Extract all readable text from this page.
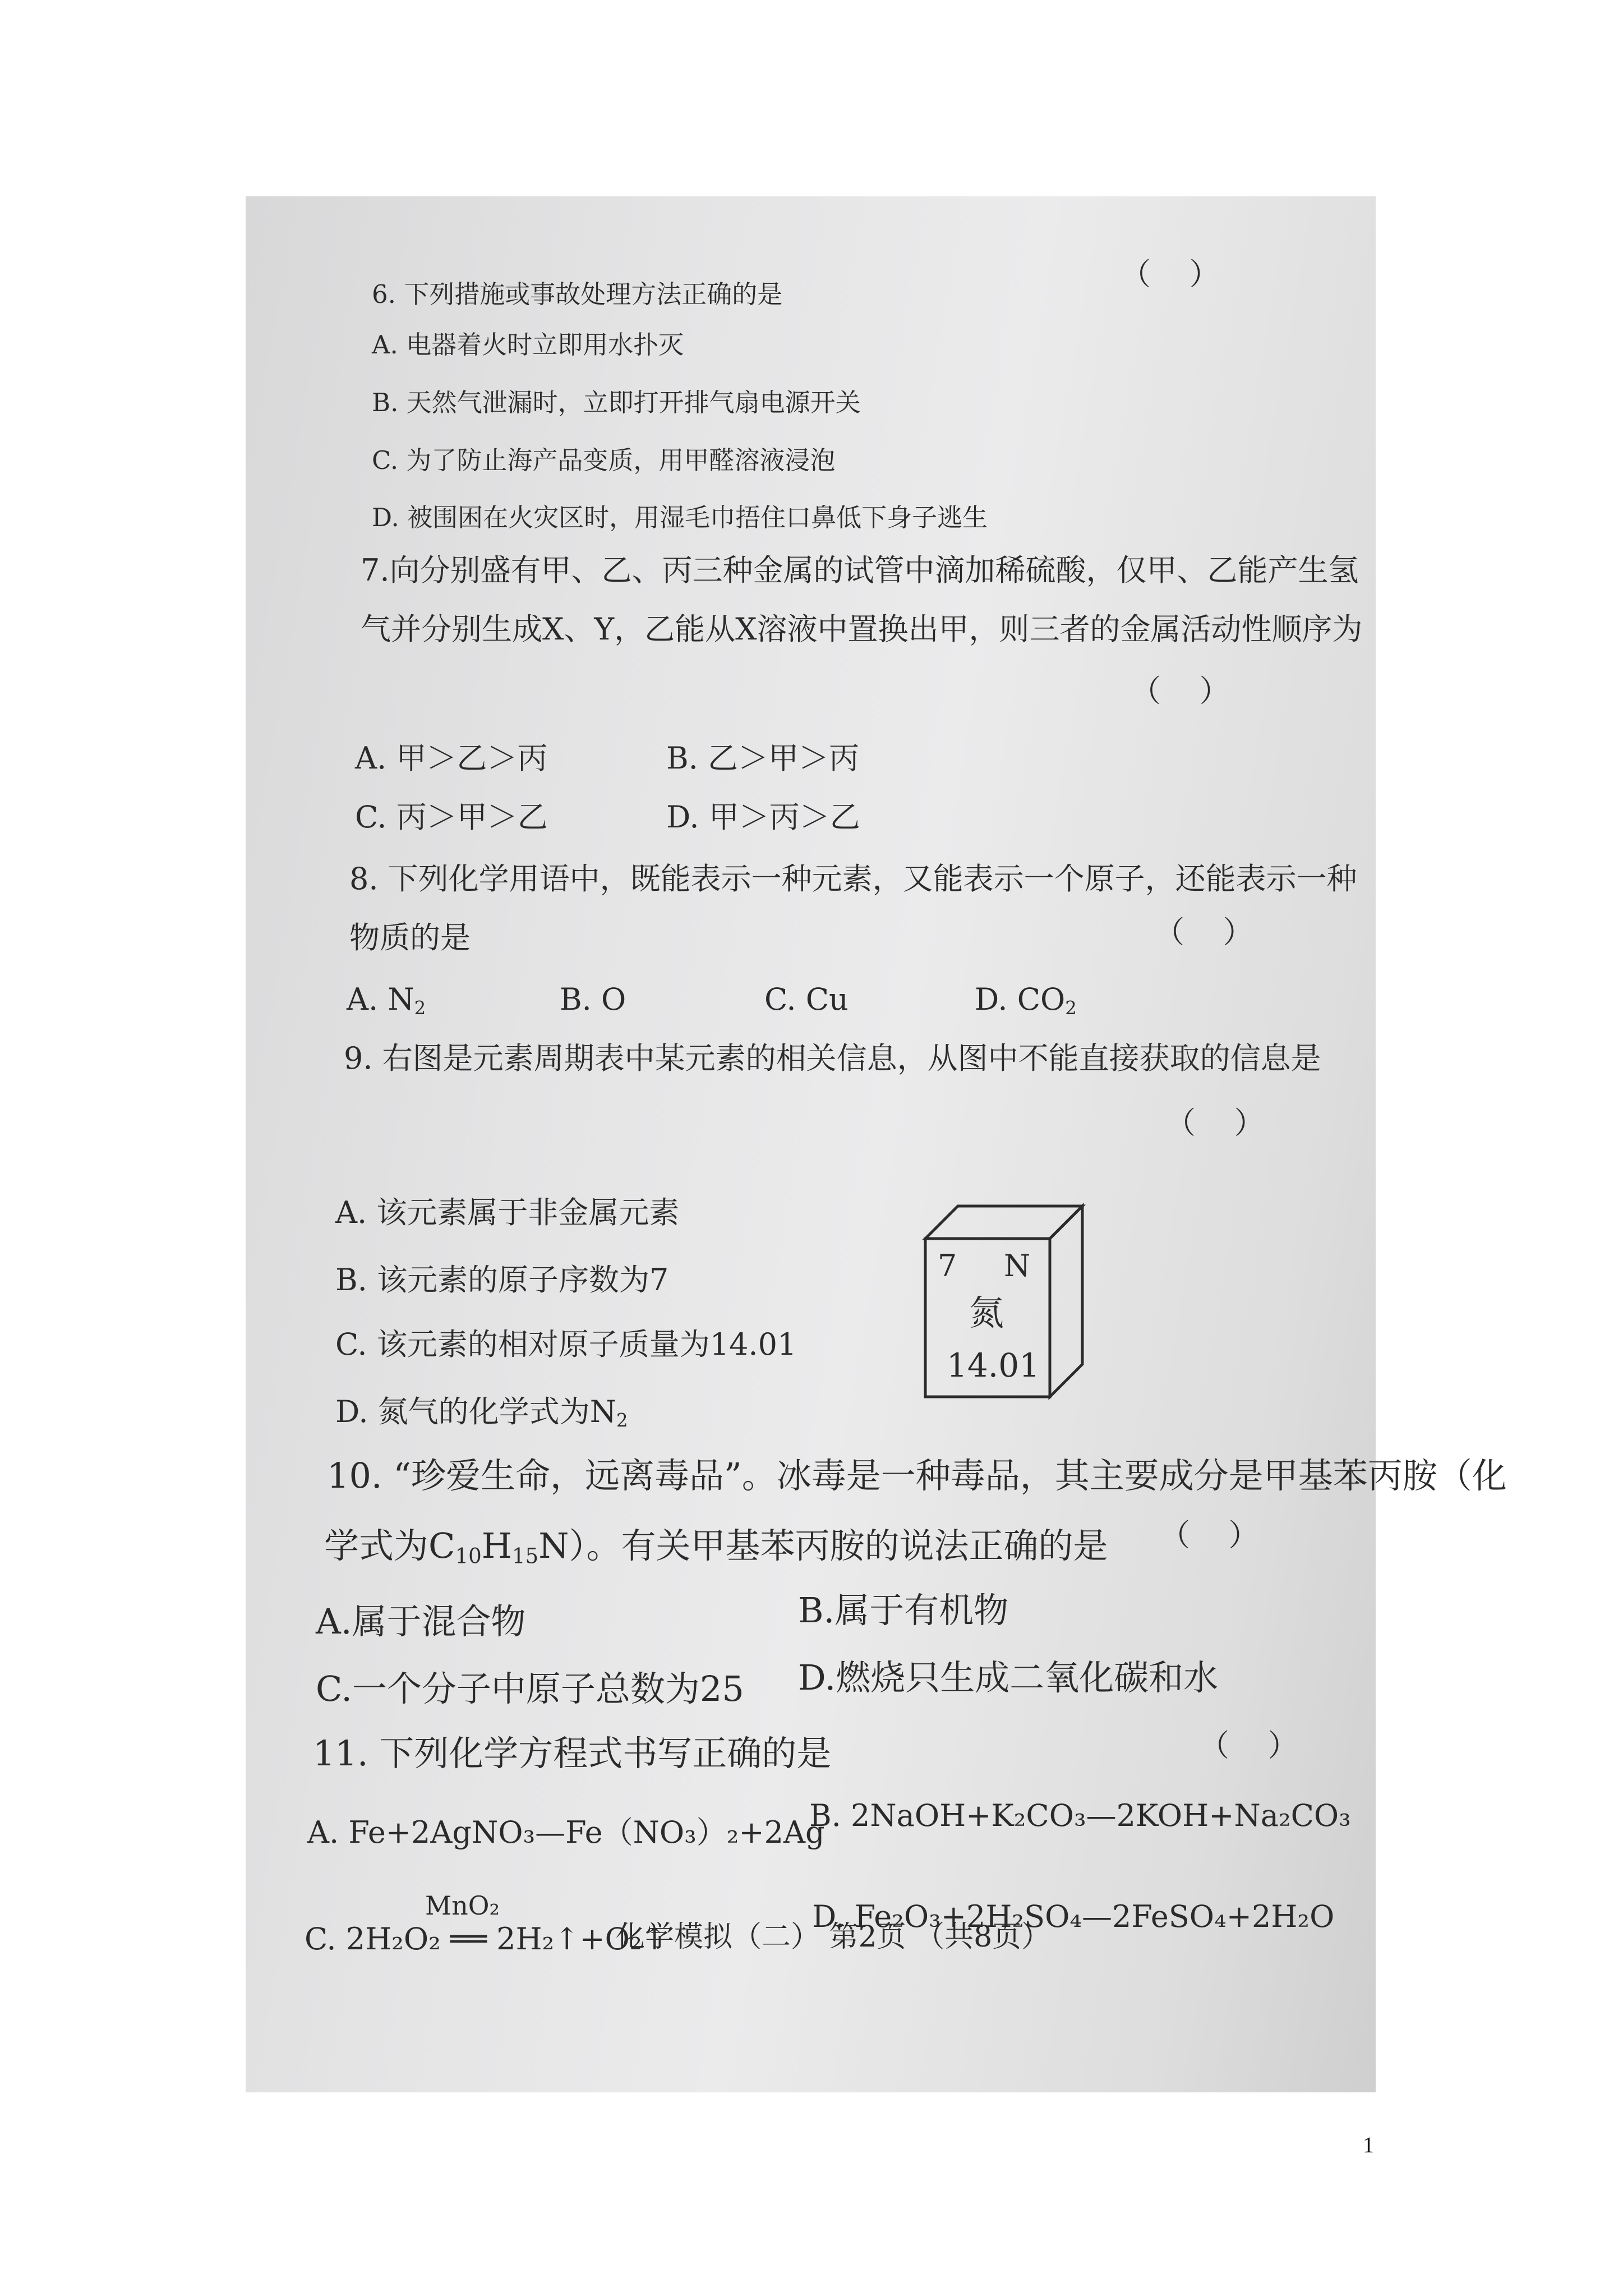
（    ）
6. 下列措施或事故处理方法正确的是
A. 电器着火时立即用水扑灭
B. 天然气泄漏时，立即打开排气扇电源开关
C. 为了防止海产品变质，用甲醛溶液浸泡
D. 被围困在火灾区时，用湿毛巾捂住口鼻低下身子逃生
7.向分别盛有甲、乙、丙三种金属的试管中滴加稀硫酸，仅甲、乙能产生氢
气并分别生成X、Y，乙能从X溶液中置换出甲，则三者的金属活动性顺序为
（    ）
A. 甲＞乙＞丙	B. 乙＞甲＞丙
C. 丙＞甲＞乙	D. 甲＞丙＞乙
8. 下列化学用语中，既能表示一种元素，又能表示一个原子，还能表示一种
物质的是	（    ）
A. $N_2$	B. O	C. Cu	D. $CO_2$
9. 右图是元素周期表中某元素的相关信息，从图中不能直接获取的信息是
（    ）
A. 该元素属于非金属元素
B. 该元素的原子序数为7
C. 该元素的相对原子质量为14.01
D. 氮气的化学式为$N_2$
7 N
氮
14.01
10. “珍爱生命，远离毒品”。冰毒是一种毒品，其主要成分是甲基苯丙胺（化
学式为$C_{10}H_{15}N$）。有关甲基苯丙胺的说法正确的是 （    ）
A.属于混合物	B.属于有机物
C.一个分子中原子总数为25 D.燃烧只生成二氧化碳和水
11. 下列化学方程式书写正确的是	（    ）
A. Fe+2AgNO₃—Fe（NO₃）₂+2Ag
B. 2NaOH+K₂CO₃—2KOH+Na₂CO₃
MnO₂
C. 2H₂O₂ ══ 2H₂↑+O₂↑
D. Fe₂O₃+2H₂SO₄—2FeSO₄+2H₂O
化学模拟（二） 第2页 （共8页）
1
